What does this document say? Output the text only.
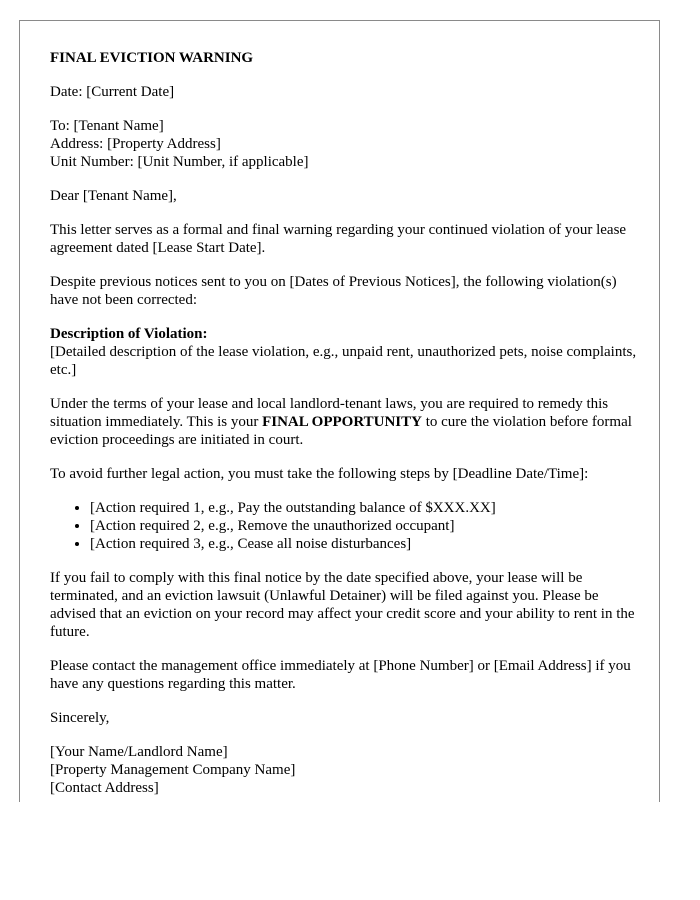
FINAL EVICTION WARNING

Date: [Current Date]

To: [Tenant Name]
Address: [Property Address]
Unit Number: [Unit Number, if applicable]

Dear [Tenant Name],

This letter serves as a formal and final warning regarding your continued violation of your lease agreement dated [Lease Start Date].

Despite previous notices sent to you on [Dates of Previous Notices], the following violation(s) have not been corrected:

Description of Violation:
[Detailed description of the lease violation, e.g., unpaid rent, unauthorized pets, noise complaints, etc.]

Under the terms of your lease and local landlord-tenant laws, you are required to remedy this situation immediately. This is your FINAL OPPORTUNITY to cure the violation before formal eviction proceedings are initiated in court.

To avoid further legal action, you must take the following steps by [Deadline Date/Time]:

• [Action required 1, e.g., Pay the outstanding balance of $XXX.XX]
• [Action required 2, e.g., Remove the unauthorized occupant]
• [Action required 3, e.g., Cease all noise disturbances]

If you fail to comply with this final notice by the date specified above, your lease will be terminated, and an eviction lawsuit (Unlawful Detainer) will be filed against you. Please be advised that an eviction on your record may affect your credit score and your ability to rent in the future.

Please contact the management office immediately at [Phone Number] or [Email Address] if you have any questions regarding this matter.

Sincerely,

[Your Name/Landlord Name]
[Property Management Company Name]
[Contact Address]
